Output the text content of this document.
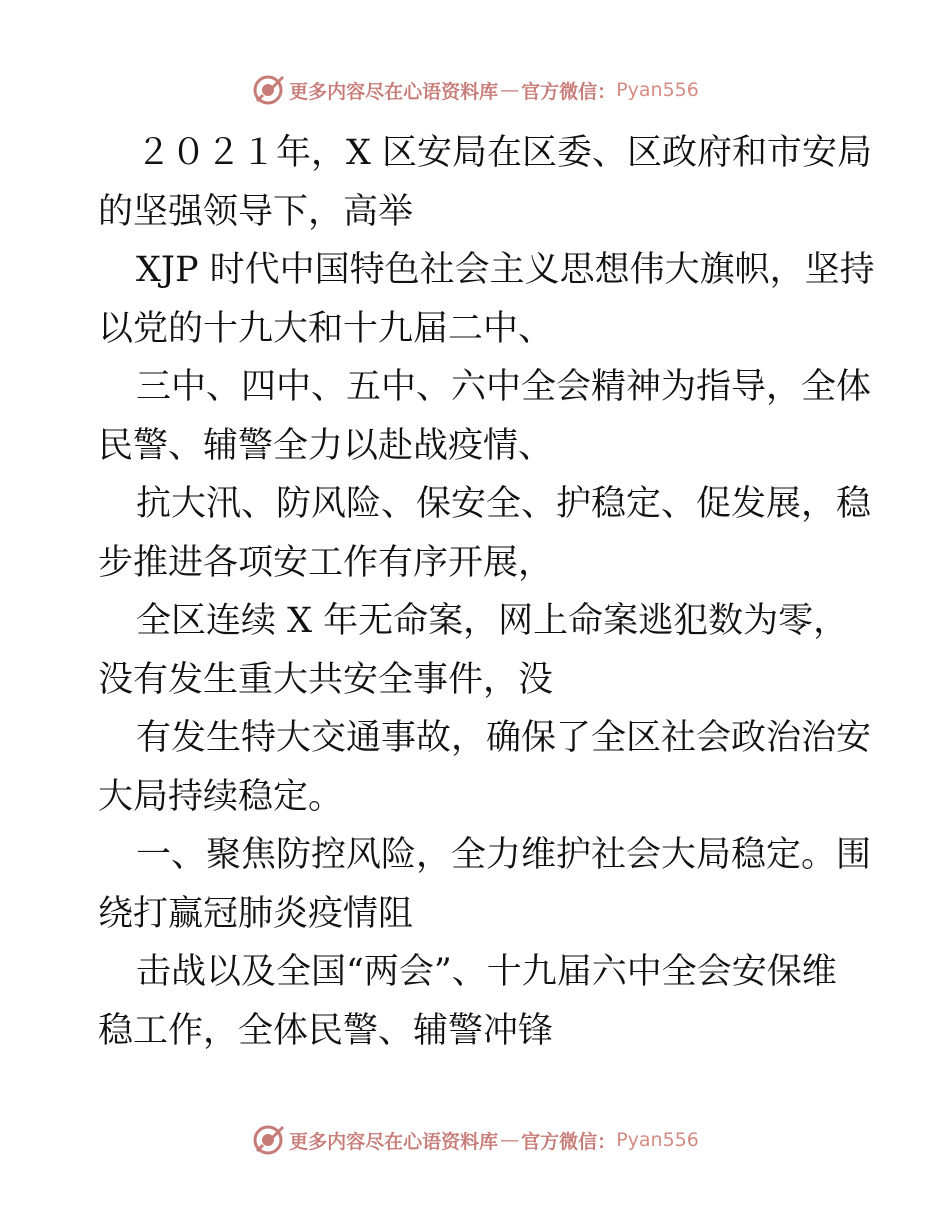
更多内容尽在心语资料库 — 官方微信： Pyan556
２０２１年，X 区安局在区委、区政府和市安局
的坚强领导下，高举
XJP 时代中国特色社会主义思想伟大旗帜，坚持
以党的十九大和十九届二中、
三中、四中、五中、六中全会精神为指导，全体
民警、辅警全力以赴战疫情、
抗大汛、防风险、保安全、护稳定、促发展，稳
步推进各项安工作有序开展，
全区连续 X 年无命案，网上命案逃犯数为零，
没有发生重大共安全事件，没
有发生特大交通事故，确保了全区社会政治治安
大局持续稳定。
一、聚焦防控风险，全力维护社会大局稳定。围
绕打赢冠肺炎疫情阻
击战以及全国“两会”、十九届六中全会安保维
稳工作，全体民警、辅警冲锋
更多内容尽在心语资料库 — 官方微信： Pyan556
